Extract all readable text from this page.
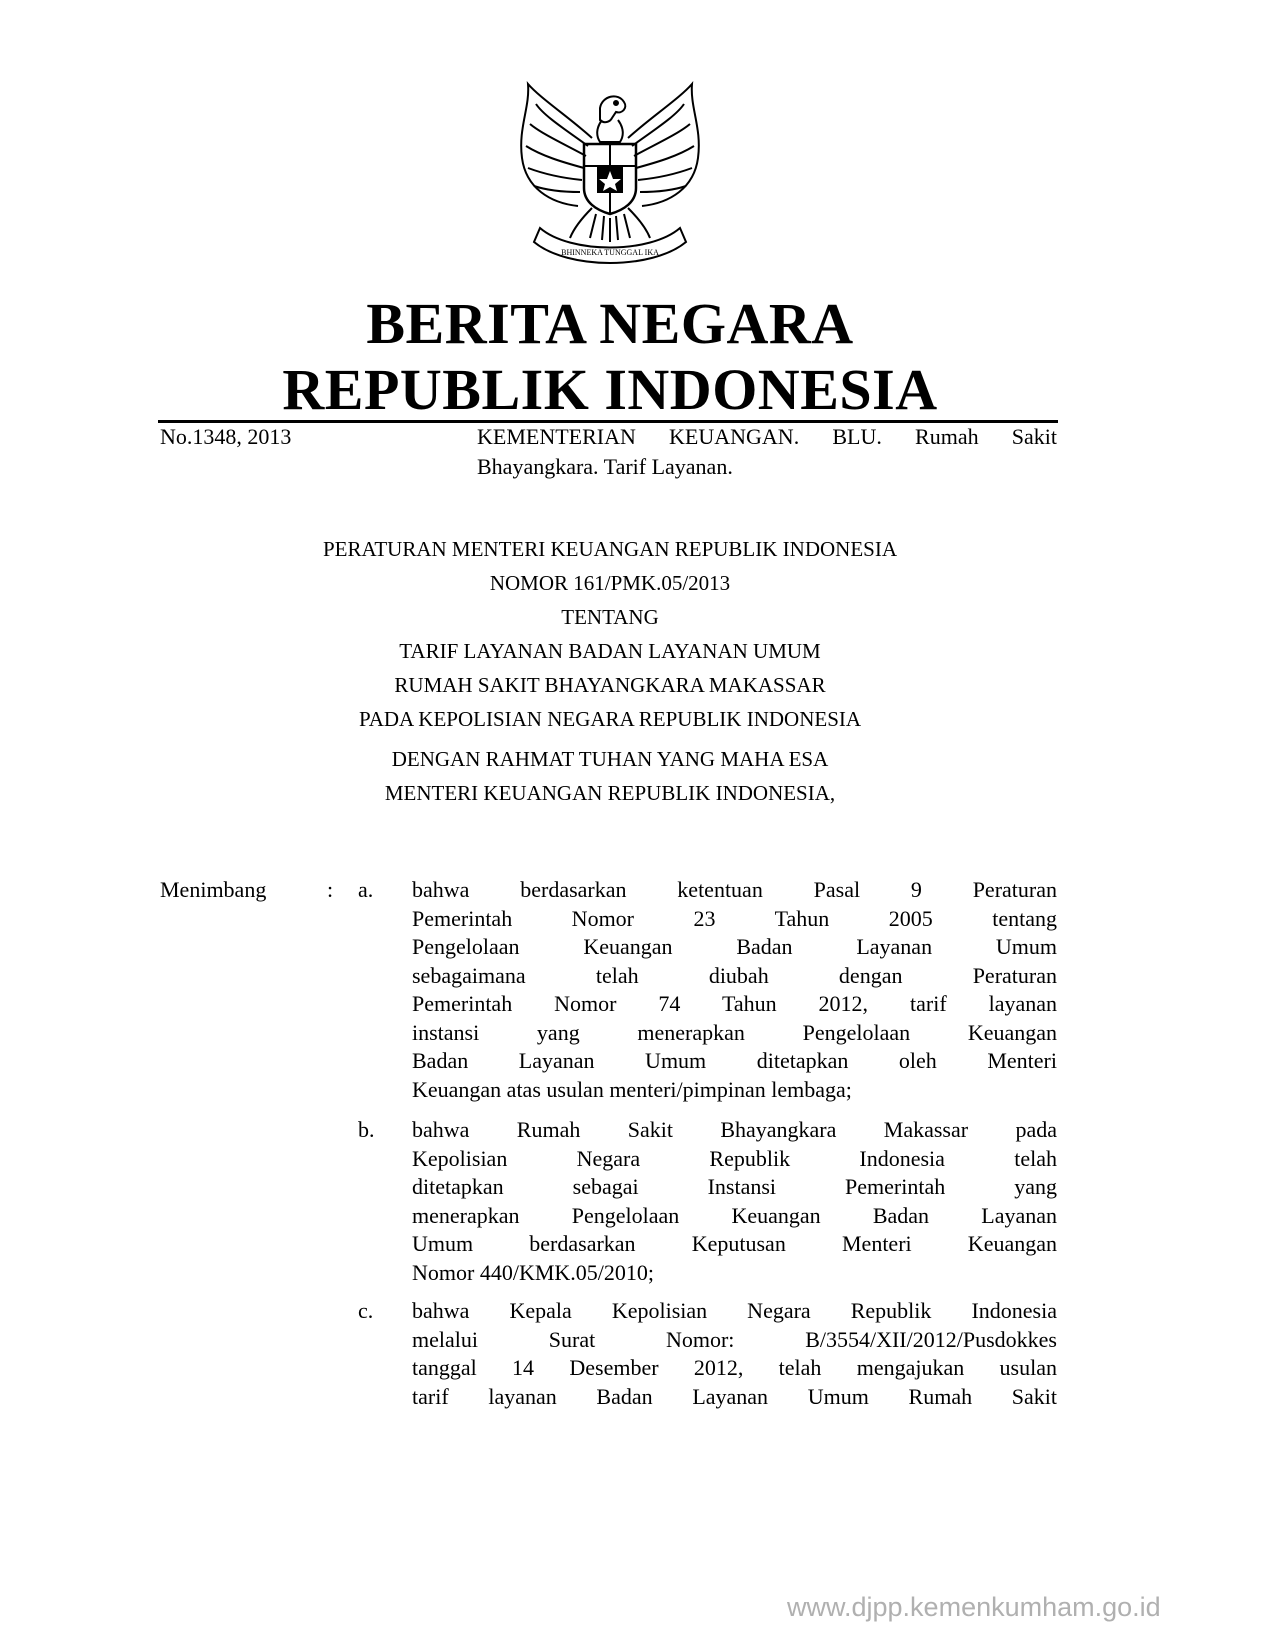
BHINNEKA TUNGGAL IKA
BERITA NEGARA
REPUBLIK INDONESIA
No.1348, 2013	KEMENTERIAN KEUANGAN. BLU. Rumah Sakit
Bhayangkara. Tarif Layanan.
PERATURAN MENTERI KEUANGAN REPUBLIK INDONESIA
NOMOR 161/PMK.05/2013
TENTANG
TARIF LAYANAN BADAN LAYANAN UMUM
RUMAH SAKIT BHAYANGKARA MAKASSAR
PADA KEPOLISIAN NEGARA REPUBLIK INDONESIA
DENGAN RAHMAT TUHAN YANG MAHA ESA
MENTERI KEUANGAN REPUBLIK INDONESIA,
Menimbang	: a. bahwa berdasarkan ketentuan Pasal 9 Peraturan
Pemerintah Nomor 23 Tahun 2005 tentang
Pengelolaan Keuangan Badan Layanan Umum
sebagaimana telah diubah dengan Peraturan
Pemerintah Nomor 74 Tahun 2012, tarif layanan
instansi yang menerapkan Pengelolaan Keuangan
Badan Layanan Umum ditetapkan oleh Menteri
Keuangan atas usulan menteri/pimpinan lembaga;
b. bahwa Rumah Sakit Bhayangkara Makassar pada
Kepolisian Negara Republik Indonesia telah
ditetapkan sebagai Instansi Pemerintah yang
menerapkan Pengelolaan Keuangan Badan Layanan
Umum berdasarkan Keputusan Menteri Keuangan
Nomor 440/KMK.05/2010;
c. bahwa Kepala Kepolisian Negara Republik Indonesia
melalui Surat Nomor: B/3554/XII/2012/Pusdokkes
tanggal 14 Desember 2012, telah mengajukan usulan
tarif layanan Badan Layanan Umum Rumah Sakit
www.djpp.kemenkumham.go.id
